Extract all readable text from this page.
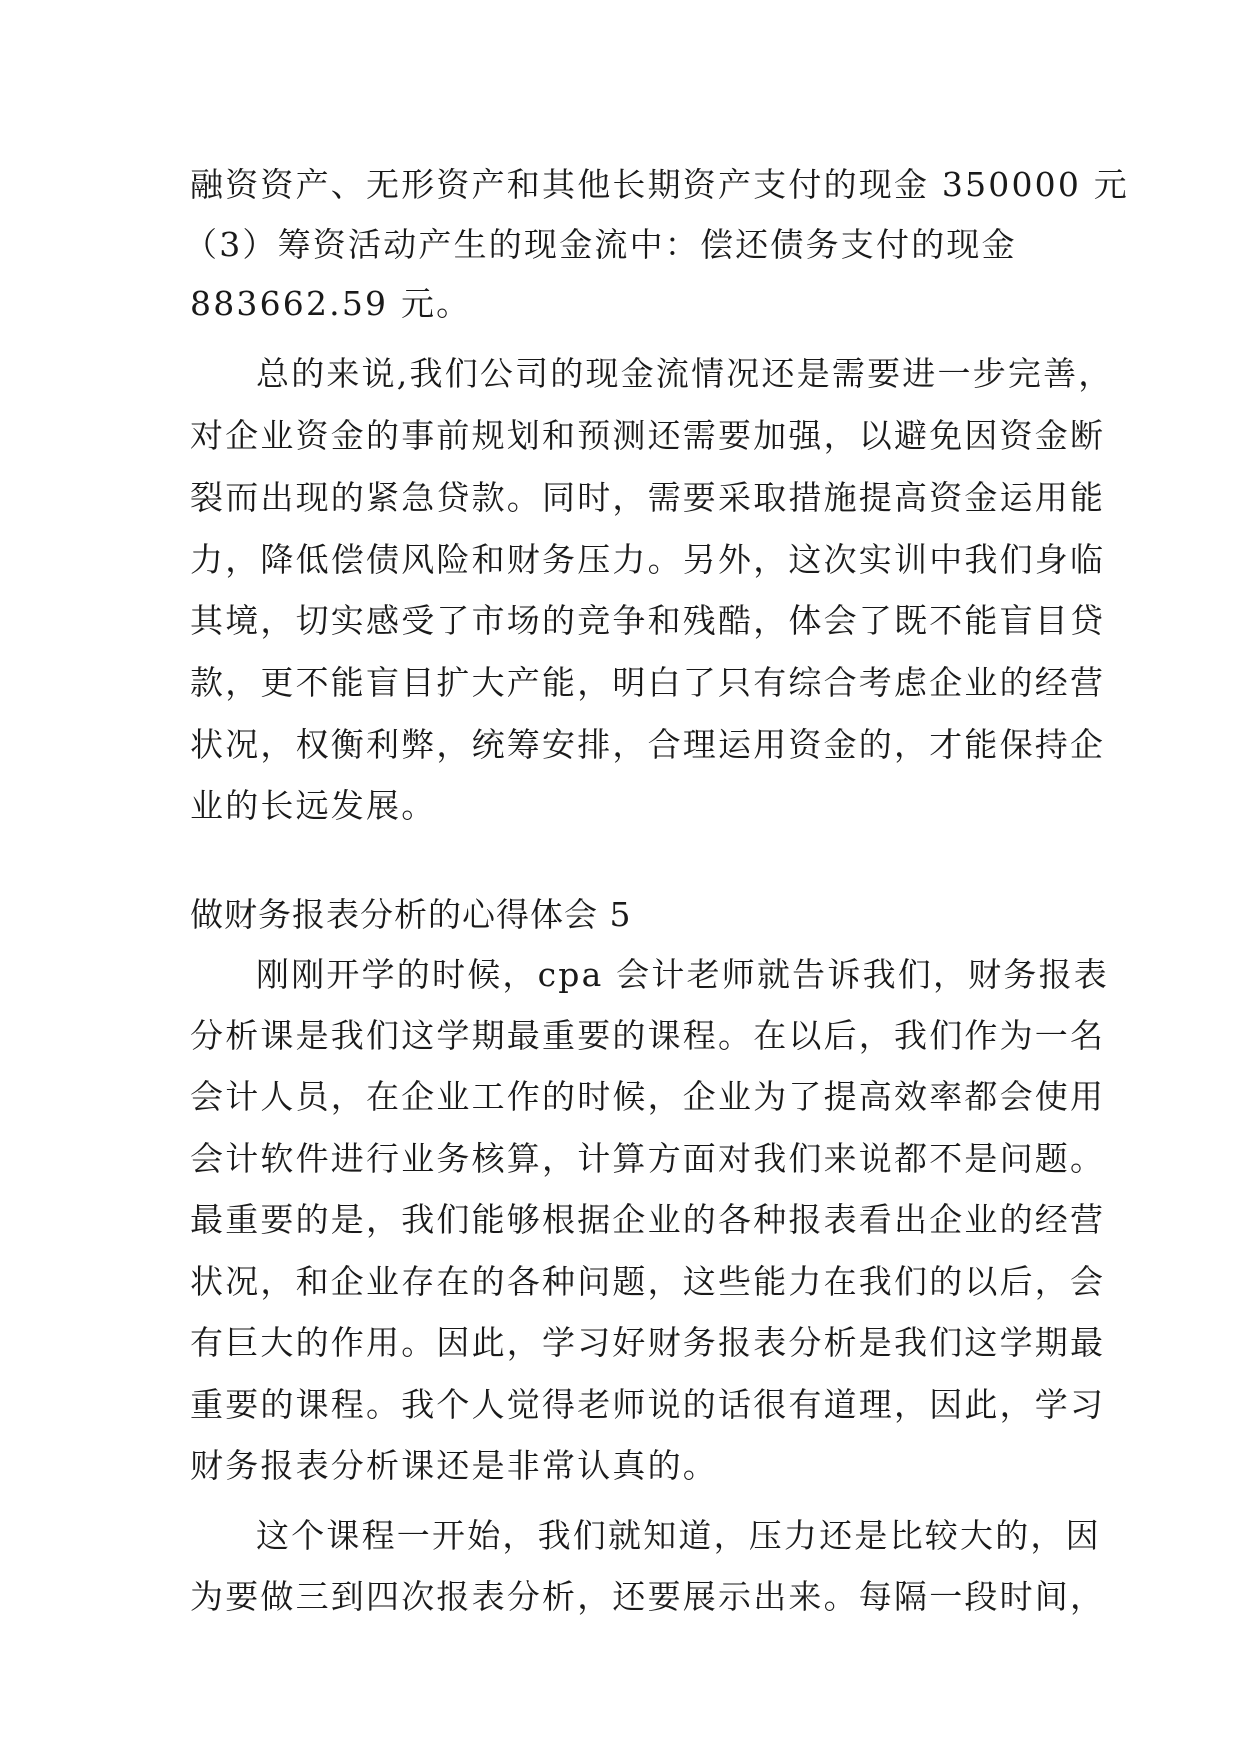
融资资产、无形资产和其他长期资产支付的现金 350000 元
（3）筹资活动产生的现金流中：偿还债务支付的现金
883662.59 元。
总的来说,我们公司的现金流情况还是需要进一步完善，
对企业资金的事前规划和预测还需要加强，以避免因资金断
裂而出现的紧急贷款。同时，需要采取措施提高资金运用能
力，降低偿债风险和财务压力。另外，这次实训中我们身临
其境，切实感受了市场的竞争和残酷，体会了既不能盲目贷
款，更不能盲目扩大产能，明白了只有综合考虑企业的经营
状况，权衡利弊，统筹安排，合理运用资金的，才能保持企
业的长远发展。
做财务报表分析的心得体会 5
刚刚开学的时候，cpa 会计老师就告诉我们，财务报表
分析课是我们这学期最重要的课程。在以后，我们作为一名
会计人员，在企业工作的时候，企业为了提高效率都会使用
会计软件进行业务核算，计算方面对我们来说都不是问题。
最重要的是，我们能够根据企业的各种报表看出企业的经营
状况，和企业存在的各种问题，这些能力在我们的以后，会
有巨大的作用。因此，学习好财务报表分析是我们这学期最
重要的课程。我个人觉得老师说的话很有道理，因此，学习
财务报表分析课还是非常认真的。
这个课程一开始，我们就知道，压力还是比较大的，因
为要做三到四次报表分析，还要展示出来。每隔一段时间，
